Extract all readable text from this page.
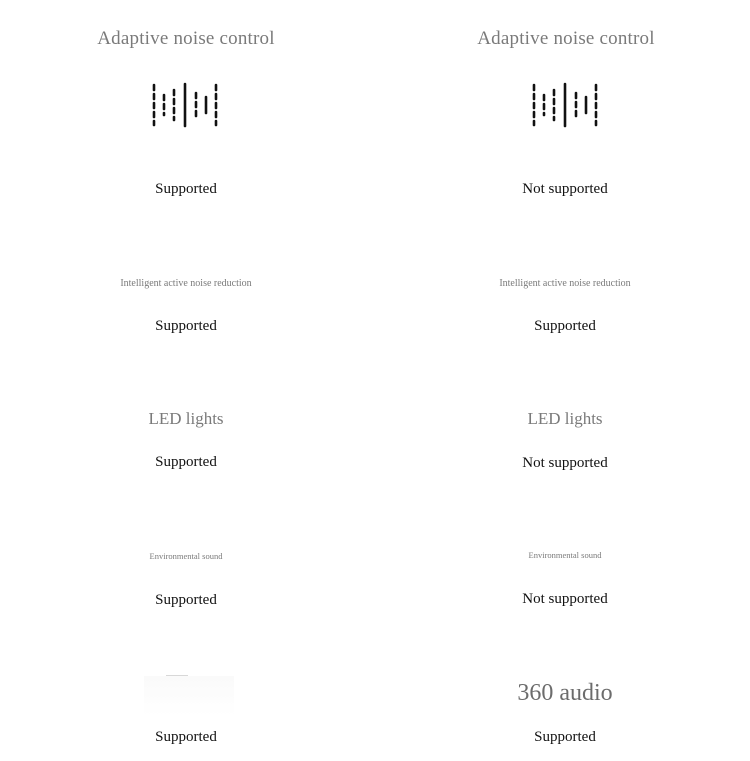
Adaptive noise control
Supported
Intelligent active noise reduction
Supported
LED lights
Supported
Environmental sound
Supported
Supported
Adaptive noise control
Not supported
Intelligent active noise reduction
Supported
LED lights
Not supported
Environmental sound
Not supported
360 audio
Supported
